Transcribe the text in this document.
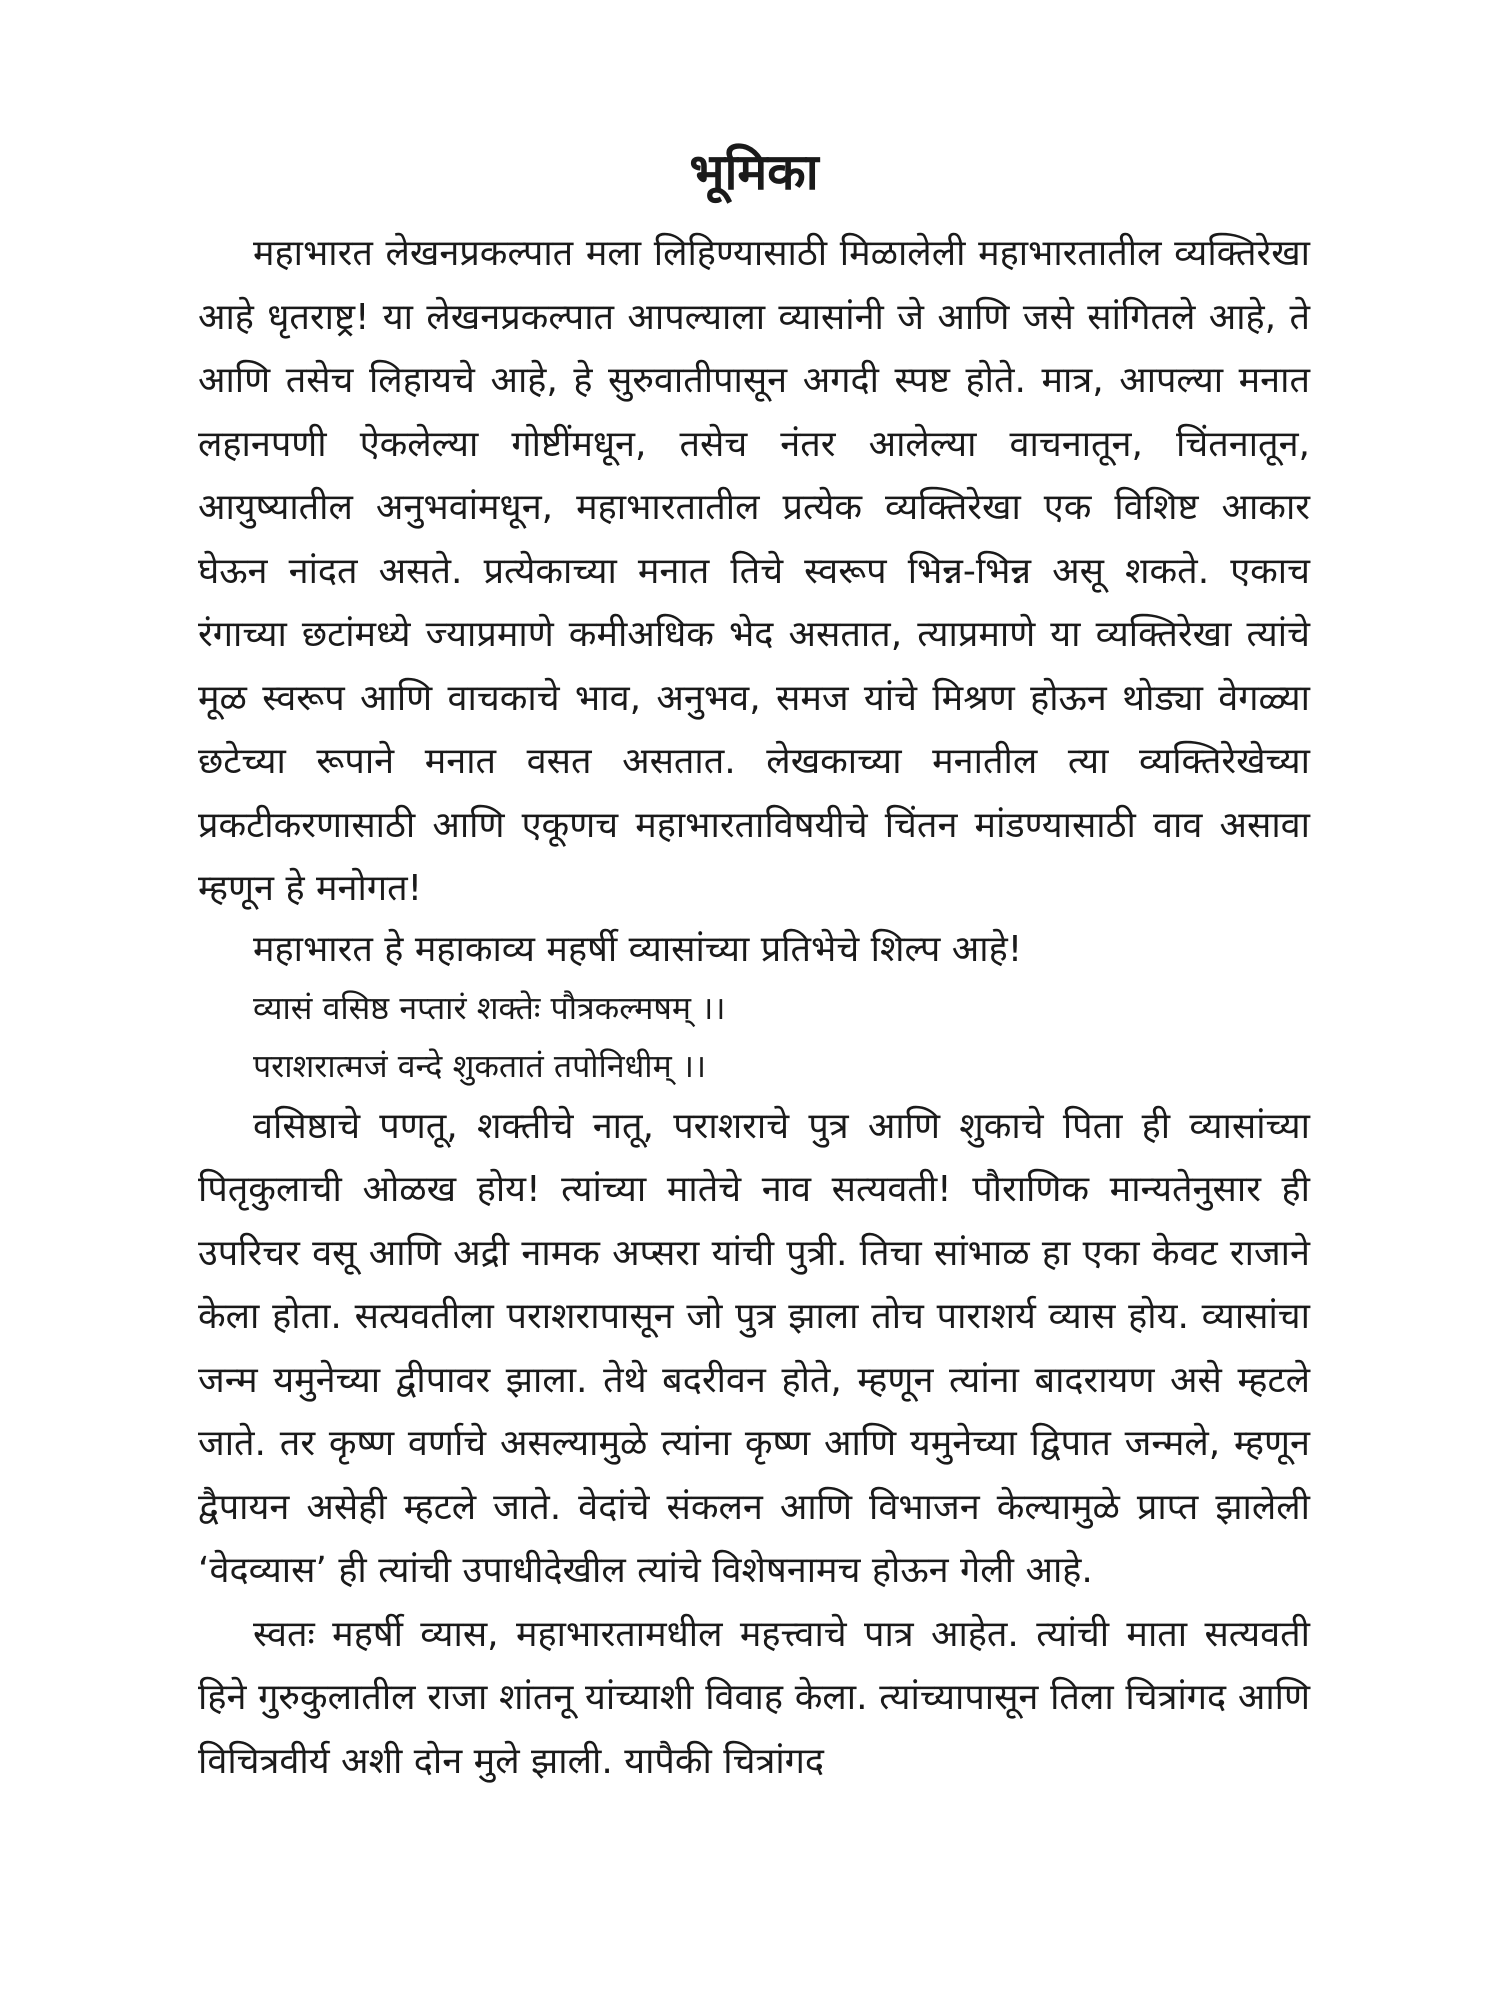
भूमिका

महाभारत लेखनप्रकल्पात मला लिहिण्यासाठी मिळालेली महाभारतातील व्यक्तिरेखा आहे धृतराष्ट्र! या लेखनप्रकल्पात आपल्याला व्यासांनी जे आणि जसे सांगितले आहे, ते आणि तसेच लिहायचे आहे, हे सुरुवातीपासून अगदी स्पष्ट होते. मात्र, आपल्या मनात लहानपणी ऐकलेल्या गोष्टींमधून, तसेच नंतर आलेल्या वाचनातून, चिंतनातून, आयुष्यातील अनुभवांमधून, महाभारतातील प्रत्येक व्यक्तिरेखा एक विशिष्ट आकार घेऊन नांदत असते. प्रत्येकाच्या मनात तिचे स्वरूप भिन्न-भिन्न असू शकते. एकाच रंगाच्या छटांमध्ये ज्याप्रमाणे कमीअधिक भेद असतात, त्याप्रमाणे या व्यक्तिरेखा त्यांचे मूळ स्वरूप आणि वाचकाचे भाव, अनुभव, समज यांचे मिश्रण होऊन थोड्या वेगळ्या छटेच्या रूपाने मनात वसत असतात. लेखकाच्या मनातील त्या व्यक्तिरेखेच्या प्रकटीकरणासाठी आणि एकूणच महाभारताविषयीचे चिंतन मांडण्यासाठी वाव असावा म्हणून हे मनोगत!

महाभारत हे महाकाव्य महर्षी व्यासांच्या प्रतिभेचे शिल्प आहे!

व्यासं वसिष्ठ नप्तारं शक्तेः पौत्रकल्मषम् ।।

पराशरात्मजं वन्दे शुकतातं तपोनिधीम् ।।

वसिष्ठाचे पणतू, शक्तीचे नातू, पराशराचे पुत्र आणि शुकाचे पिता ही व्यासांच्या पितृकुलाची ओळख होय! त्यांच्या मातेचे नाव सत्यवती! पौराणिक मान्यतेनुसार ही उपरिचर वसू आणि अद्री नामक अप्सरा यांची पुत्री. तिचा सांभाळ हा एका केवट राजाने केला होता. सत्यवतीला पराशरापासून जो पुत्र झाला तोच पाराशर्य व्यास होय. व्यासांचा जन्म यमुनेच्या द्वीपावर झाला. तेथे बदरीवन होते, म्हणून त्यांना बादरायण असे म्हटले जाते. तर कृष्ण वर्णाचे असल्यामुळे त्यांना कृष्ण आणि यमुनेच्या द्विपात जन्मले, म्हणून द्वैपायन असेही म्हटले जाते. वेदांचे संकलन आणि विभाजन केल्यामुळे प्राप्त झालेली ‘वेदव्यास’ ही त्यांची उपाधीदेखील त्यांचे विशेषनामच होऊन गेली आहे.

स्वतः महर्षी व्यास, महाभारतामधील महत्त्वाचे पात्र आहेत. त्यांची माता सत्यवती हिने गुरुकुलातील राजा शांतनू यांच्याशी विवाह केला. त्यांच्यापासून तिला चित्रांगद आणि विचित्रवीर्य अशी दोन मुले झाली. यापैकी चित्रांगद
